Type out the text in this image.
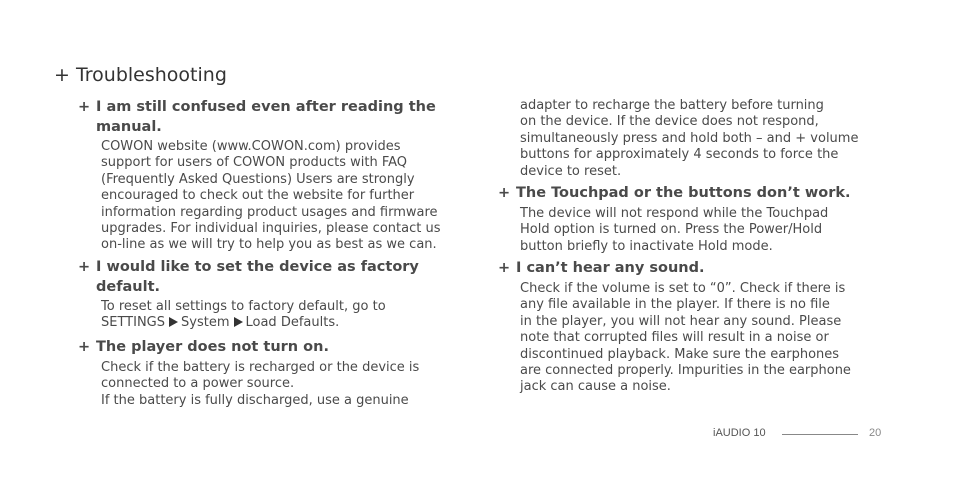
+ Troubleshooting

+ I am still confused even after reading the
manual.

COWON website (www.COWON.com) provides
support for users of COWON products with FAQ
(Frequently Asked Questions) Users are strongly
encouraged to check out the website for further
information regarding product usages and firmware
upgrades. For individual inquiries, please contact us
on-line as we will try to help you as best as we can.

+ I would like to set the device as factory
default.

To reset all settings to factory default, go to
SETTINGS System Load Defaults.

+ The player does not turn on.

Check if the battery is recharged or the device is
connected to a power source.
If the battery is fully discharged, use a genuine
adapter to recharge the battery before turning
on the device. If the device does not respond,
simultaneously press and hold both – and + volume
buttons for approximately 4 seconds to force the
device to reset.

+ The Touchpad or the buttons don’t work.

The device will not respond while the Touchpad
Hold option is turned on. Press the Power/Hold
button briefly to inactivate Hold mode.

+ I can’t hear any sound.

Check if the volume is set to “0”. Check if there is
any file available in the player. If there is no file
in the player, you will not hear any sound. Please
note that corrupted files will result in a noise or
discontinued playback. Make sure the earphones
are connected properly. Impurities in the earphone
jack can cause a noise.
iAUDIO 10	20
